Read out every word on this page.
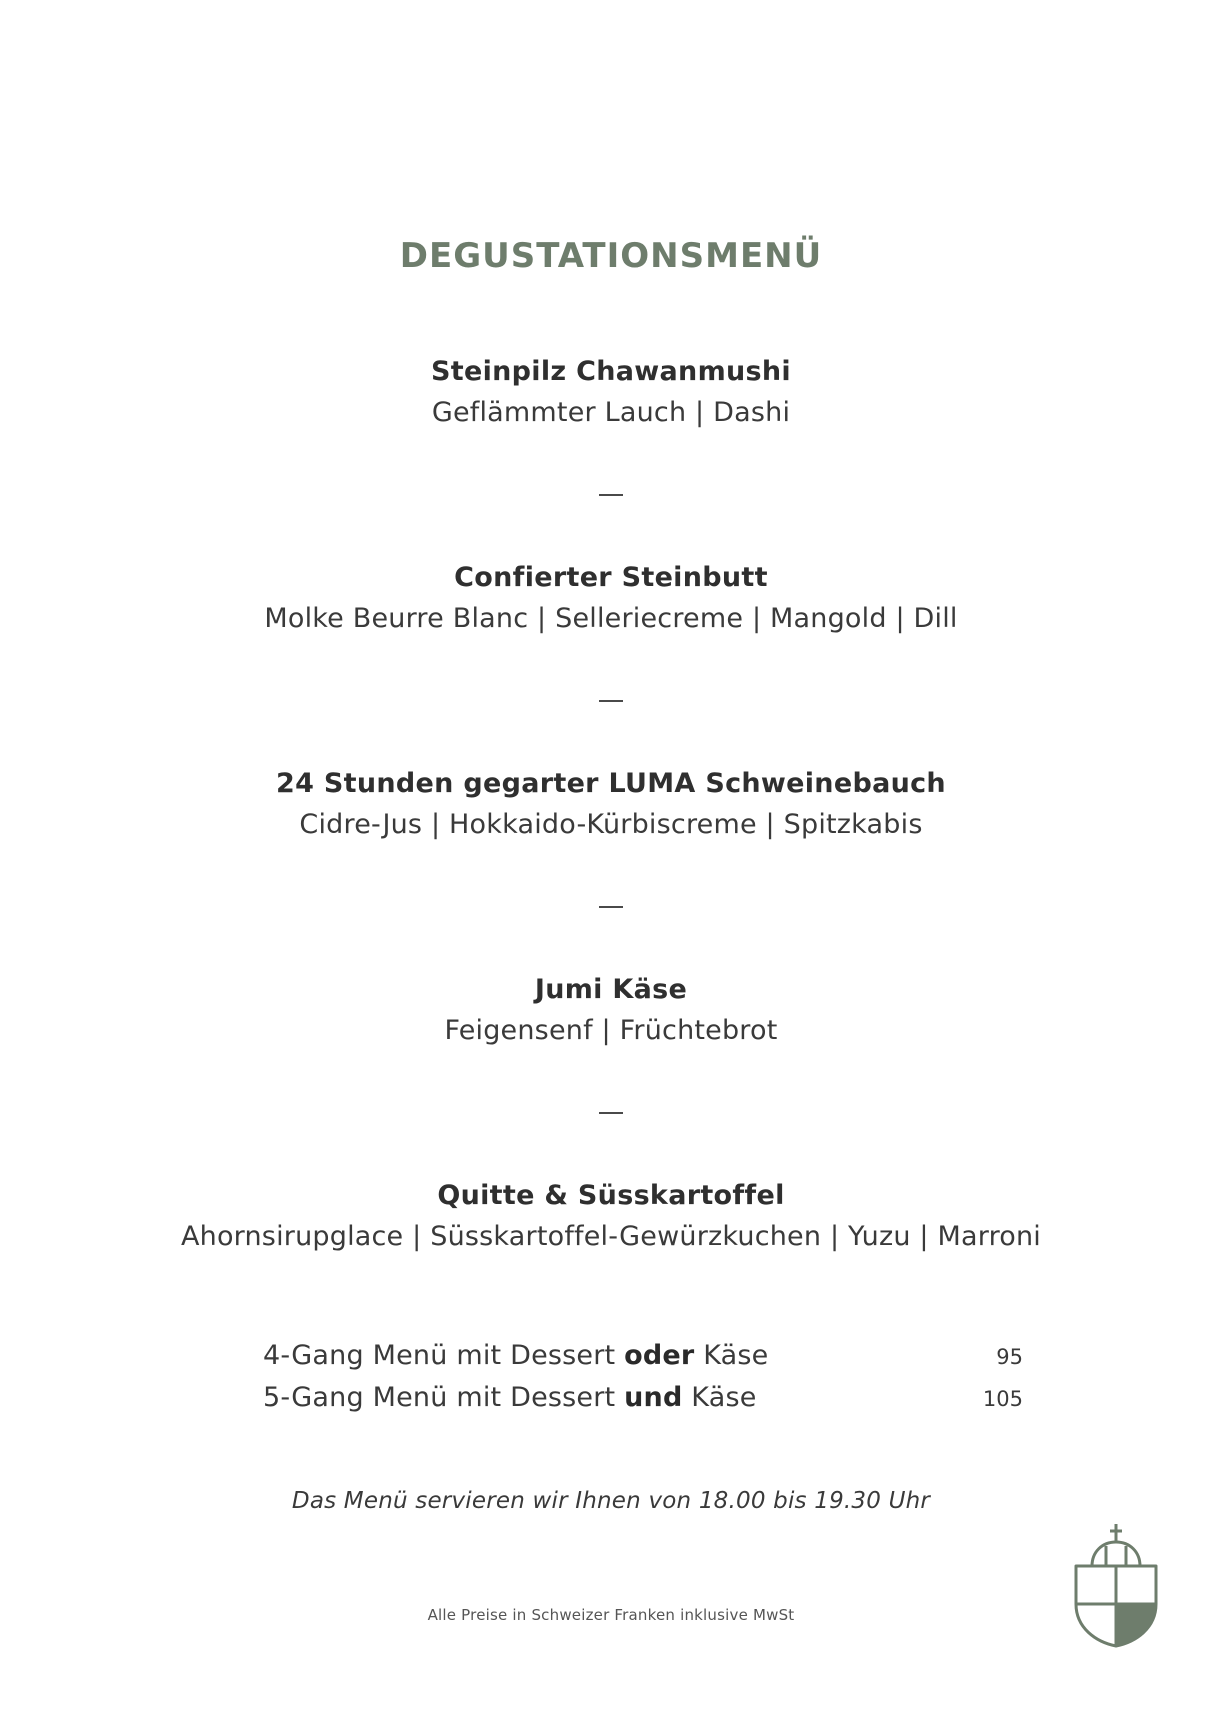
DEGUSTATIONSMENÜ
Steinpilz Chawanmushi
Geflämmter Lauch | Dashi
Confierter Steinbutt
Molke Beurre Blanc | Selleriecreme | Mangold | Dill
24 Stunden gegarter LUMA Schweinebauch
Cidre-Jus | Hokkaido-Kürbiscreme | Spitzkabis
Jumi Käse
Feigensenf | Früchtebrot
Quitte & Süsskartoffel
Ahornsirupglace | Süsskartoffel-Gewürzkuchen | Yuzu | Marroni
4-Gang Menü mit Dessert oder Käse	95
5-Gang Menü mit Dessert und Käse	105
Das Menü servieren wir Ihnen von 18.00 bis 19.30 Uhr
Alle Preise in Schweizer Franken inklusive MwSt
